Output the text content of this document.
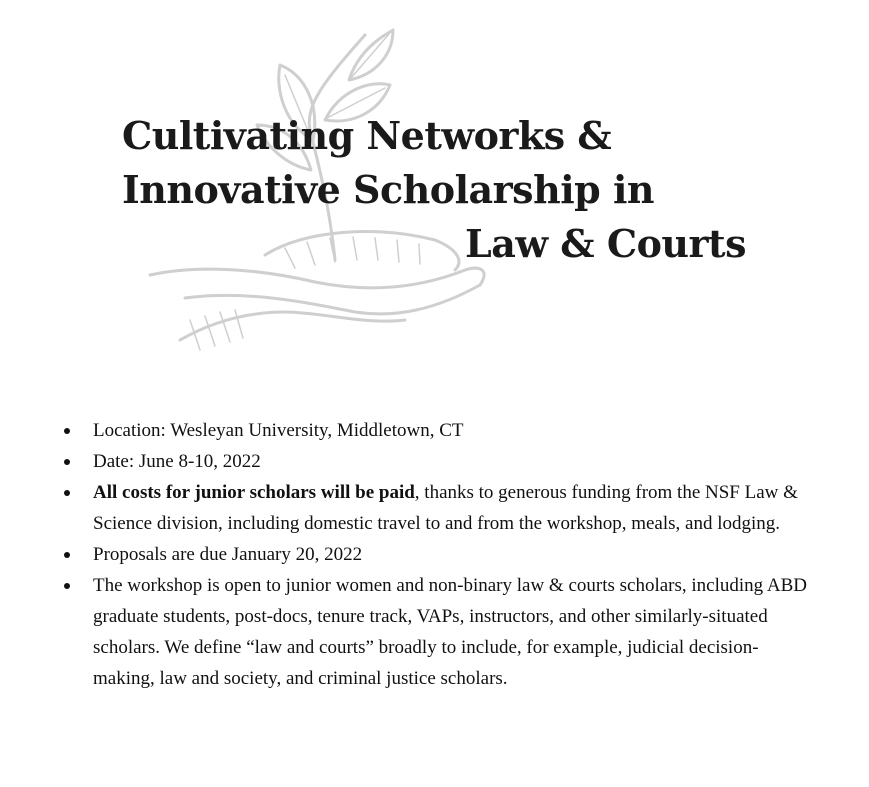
Cultivating Networks &
Innovative Scholarship in
Law & Courts
Location: Wesleyan University, Middletown, CT
Date: June 8-10, 2022
All costs for junior scholars will be paid, thanks to generous funding from the NSF Law & Science division, including domestic travel to and from the workshop, meals, and lodging.
Proposals are due January 20, 2022
The workshop is open to junior women and non-binary law & courts scholars, including ABD graduate students, post-docs, tenure track, VAPs, instructors, and other similarly-situated scholars. We define “law and courts” broadly to include, for example, judicial decision-making, law and society, and criminal justice scholars.
